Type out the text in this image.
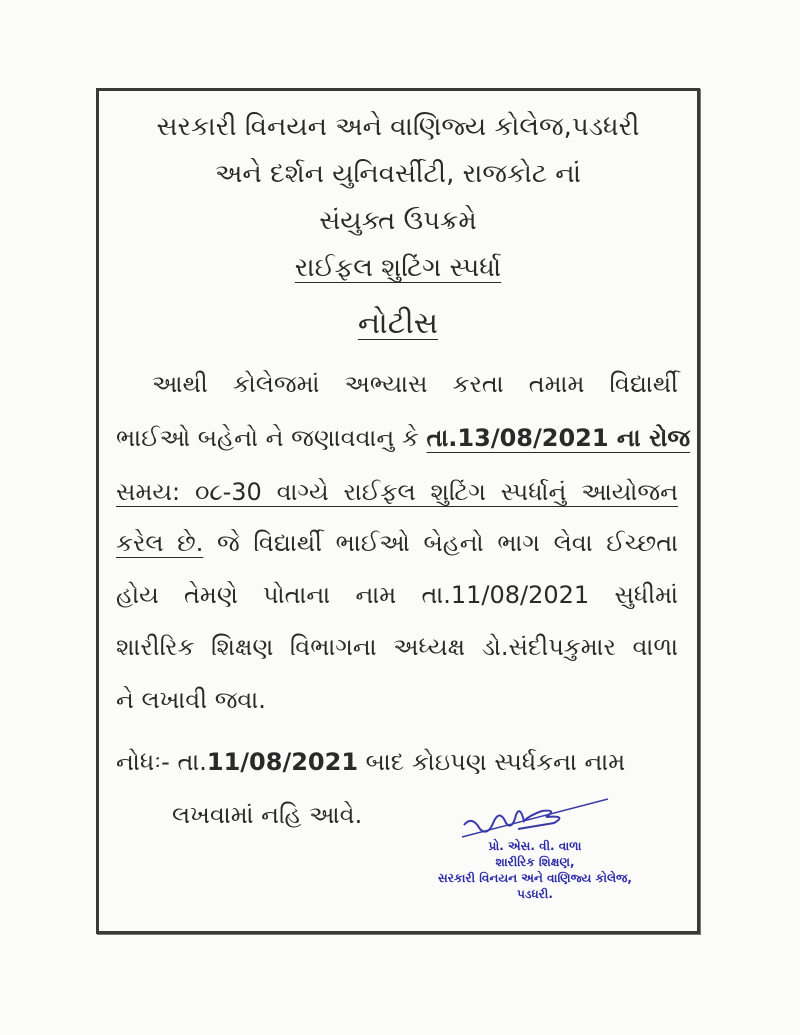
સરકારી વિનયન અને વાણિજ્ય કોલેજ,પડધરી
અને દર્શન યુનિવર્સીટી, રાજકોટ નાં
સંયુક્ત ઉપક્રમે
રાઈફલ શુટિંગ સ્પર્ધા
નોટીસ
આથી કોલેજમાં અભ્યાસ કરતા તમામ વિદ્યાર્થી
ભાઈઓ બહેનો ને જણાવવાનુ કે તા.13/08/2021 ના રોજ
સમય: ૦૮-30 વાગ્યે રાઈફલ શુટિંગ સ્પર્ધાનું આયોજન
કરેલ છે. જે વિદ્યાર્થી ભાઈઓ બેહનો ભાગ લેવા ઈચ્છતા
હોય તેમણે પોતાના નામ તા.11/08/2021 સુધીમાં
શારીરિક શિક્ષણ વિભાગના અધ્યક્ષ ડો.સંદીપકુમાર વાળા
ને લખાવી જવા.
નોધઃ- તા.11/08/2021 બાદ કોઇપણ સ્પર્ધકના નામ
લખવામાં નહિ આવે.
પ્રો. એસ. વી. વાળા
શારીરિક શિક્ષણ,
સરકારી વિનયન અને વાણિજ્ય કોલેજ,
પડધરી.
